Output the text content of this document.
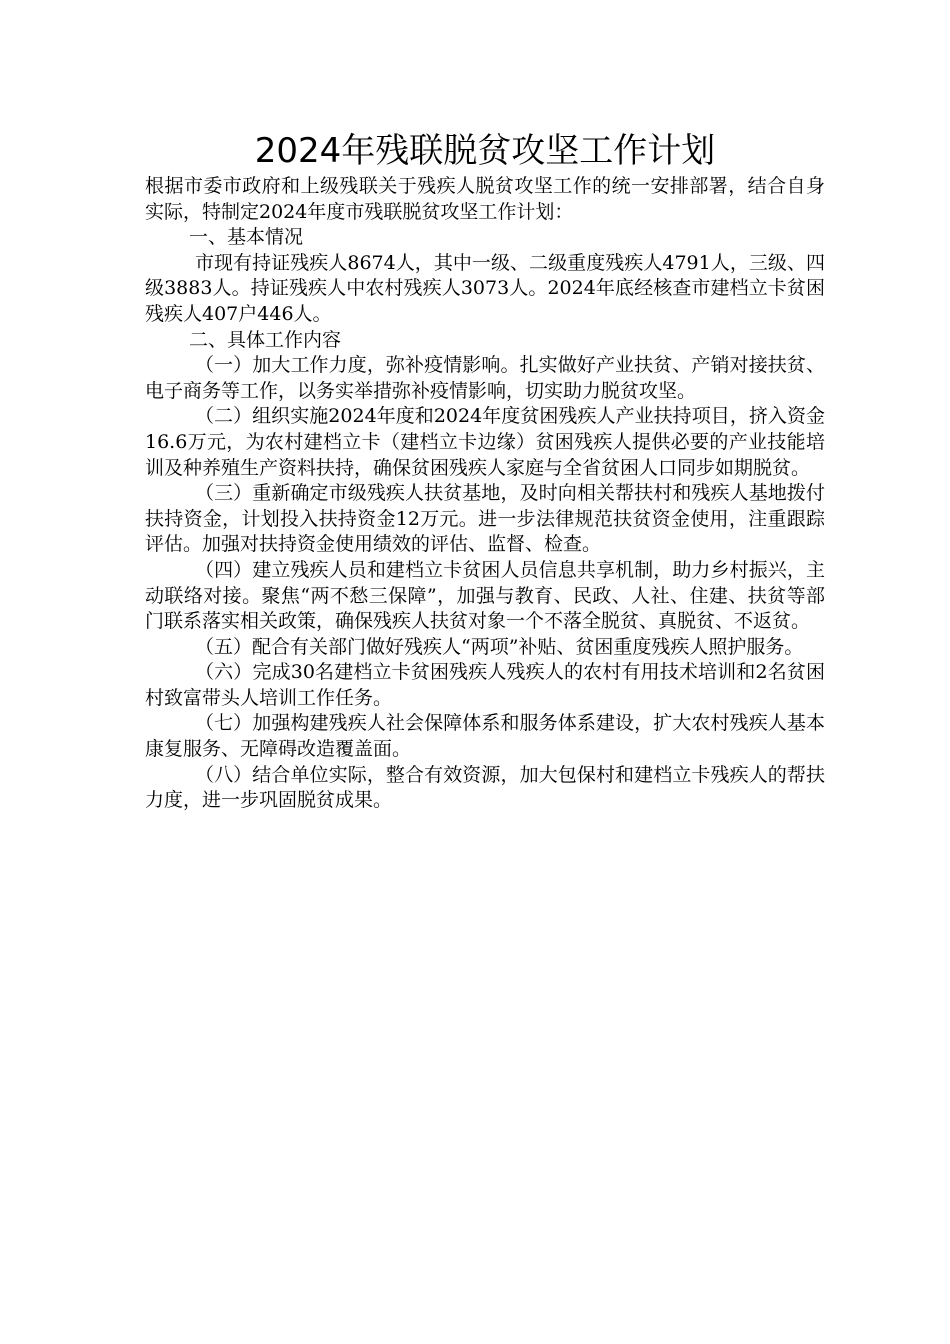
2024年残联脱贫攻坚工作计划

根据市委市政府和上级残联关于残疾人脱贫攻坚工作的统一安排部署，结合自身实际，特制定2024年度市残联脱贫攻坚工作计划：

一、基本情况

市现有持证残疾人8674人，其中一级、二级重度残疾人4791人，三级、四级3883人。持证残疾人中农村残疾人3073人。2024年底经核查市建档立卡贫困残疾人407户446人。

二、具体工作内容

（一）加大工作力度，弥补疫情影响。扎实做好产业扶贫、产销对接扶贫、电子商务等工作，以务实举措弥补疫情影响，切实助力脱贫攻坚。

（二）组织实施2024年度和2024年度贫困残疾人产业扶持项目，挤入资金16.6万元，为农村建档立卡（建档立卡边缘）贫困残疾人提供必要的产业技能培训及种养殖生产资料扶持，确保贫困残疾人家庭与全省贫困人口同步如期脱贫。

（三）重新确定市级残疾人扶贫基地，及时向相关帮扶村和残疾人基地拨付扶持资金，计划投入扶持资金12万元。进一步法律规范扶贫资金使用，注重跟踪评估。加强对扶持资金使用绩效的评估、监督、检查。

（四）建立残疾人员和建档立卡贫困人员信息共享机制，助力乡村振兴，主动联络对接。聚焦“两不愁三保障”，加强与教育、民政、人社、住建、扶贫等部门联系落实相关政策，确保残疾人扶贫对象一个不落全脱贫、真脱贫、不返贫。

（五）配合有关部门做好残疾人“两项”补贴、贫困重度残疾人照护服务。

（六）完成30名建档立卡贫困残疾人残疾人的农村有用技术培训和2名贫困村致富带头人培训工作任务。

（七）加强构建残疾人社会保障体系和服务体系建设，扩大农村残疾人基本康复服务、无障碍改造覆盖面。

（八）结合单位实际，整合有效资源，加大包保村和建档立卡残疾人的帮扶力度，进一步巩固脱贫成果。
